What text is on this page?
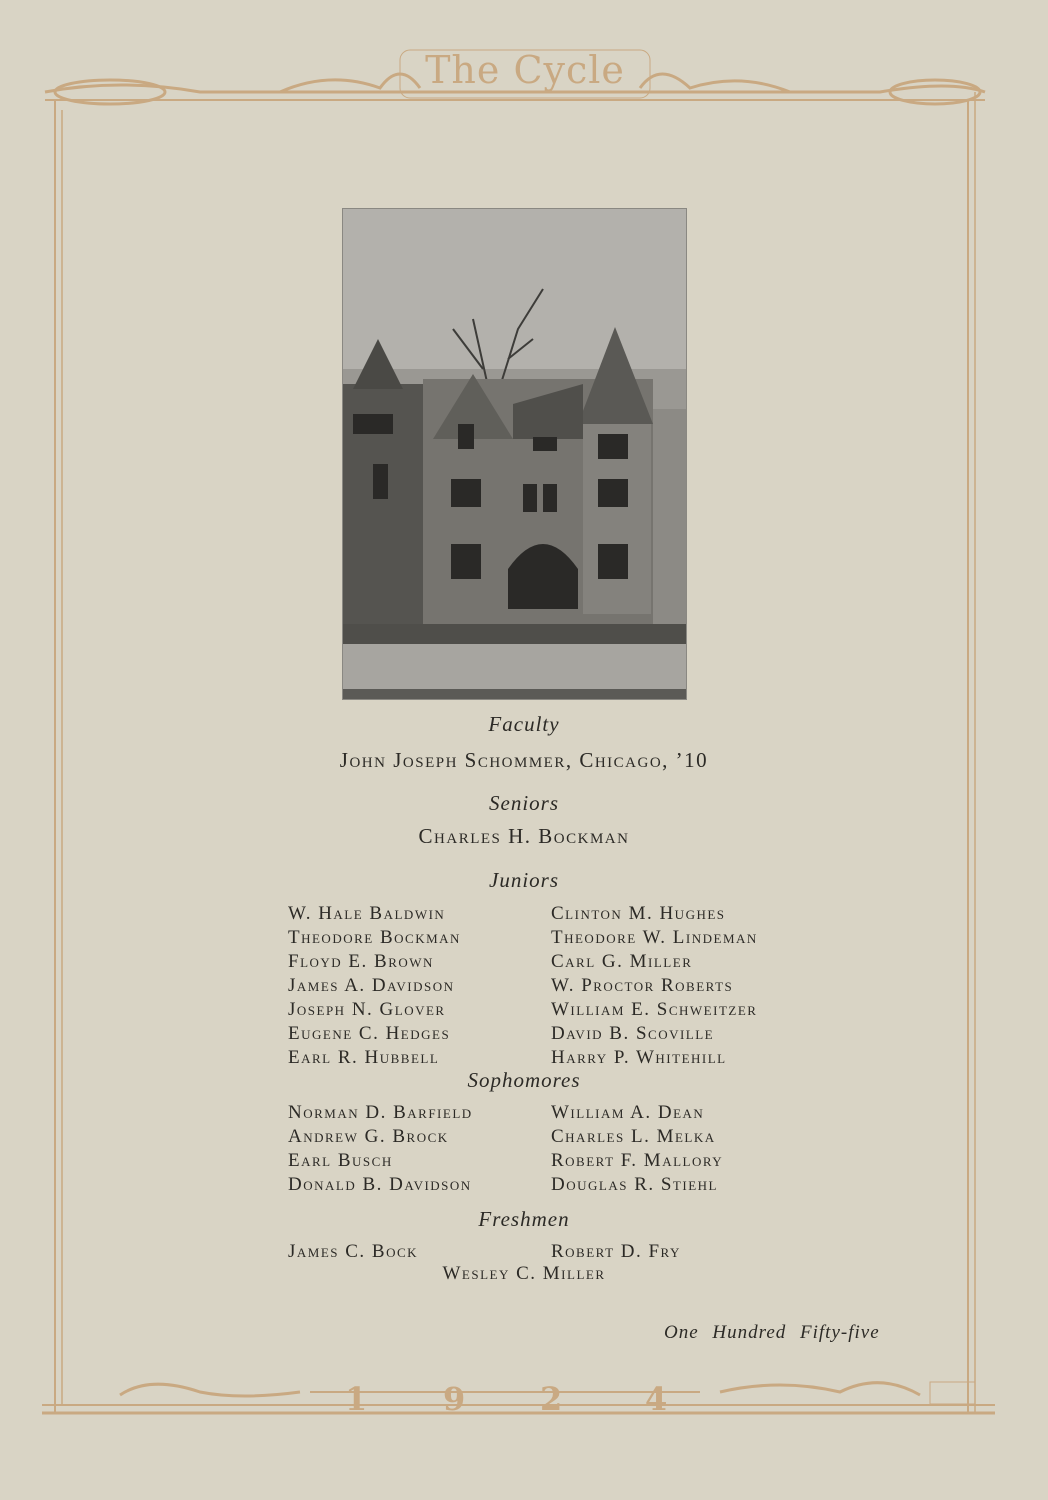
The Cycle
Faculty
John Joseph Schommer, Chicago, ’10
Seniors
Charles H. Bockman
Juniors
W. Hale Baldwin
Theodore Bockman
Floyd E. Brown
James A. Davidson
Joseph N. Glover
Eugene C. Hedges
Earl R. Hubbell
Clinton M. Hughes
Theodore W. Lindeman
Carl G. Miller
W. Proctor Roberts
William E. Schweitzer
David B. Scoville
Harry P. Whitehill
Sophomores
Norman D. Barfield
Andrew G. Brock
Earl Busch
Donald B. Davidson
William A. Dean
Charles L. Melka
Robert F. Mallory
Douglas R. Stiehl
Freshmen
James C. Bock	Robert D. Fry
Wesley C. Miller
One Hundred Fifty-five
1 9 2	4
